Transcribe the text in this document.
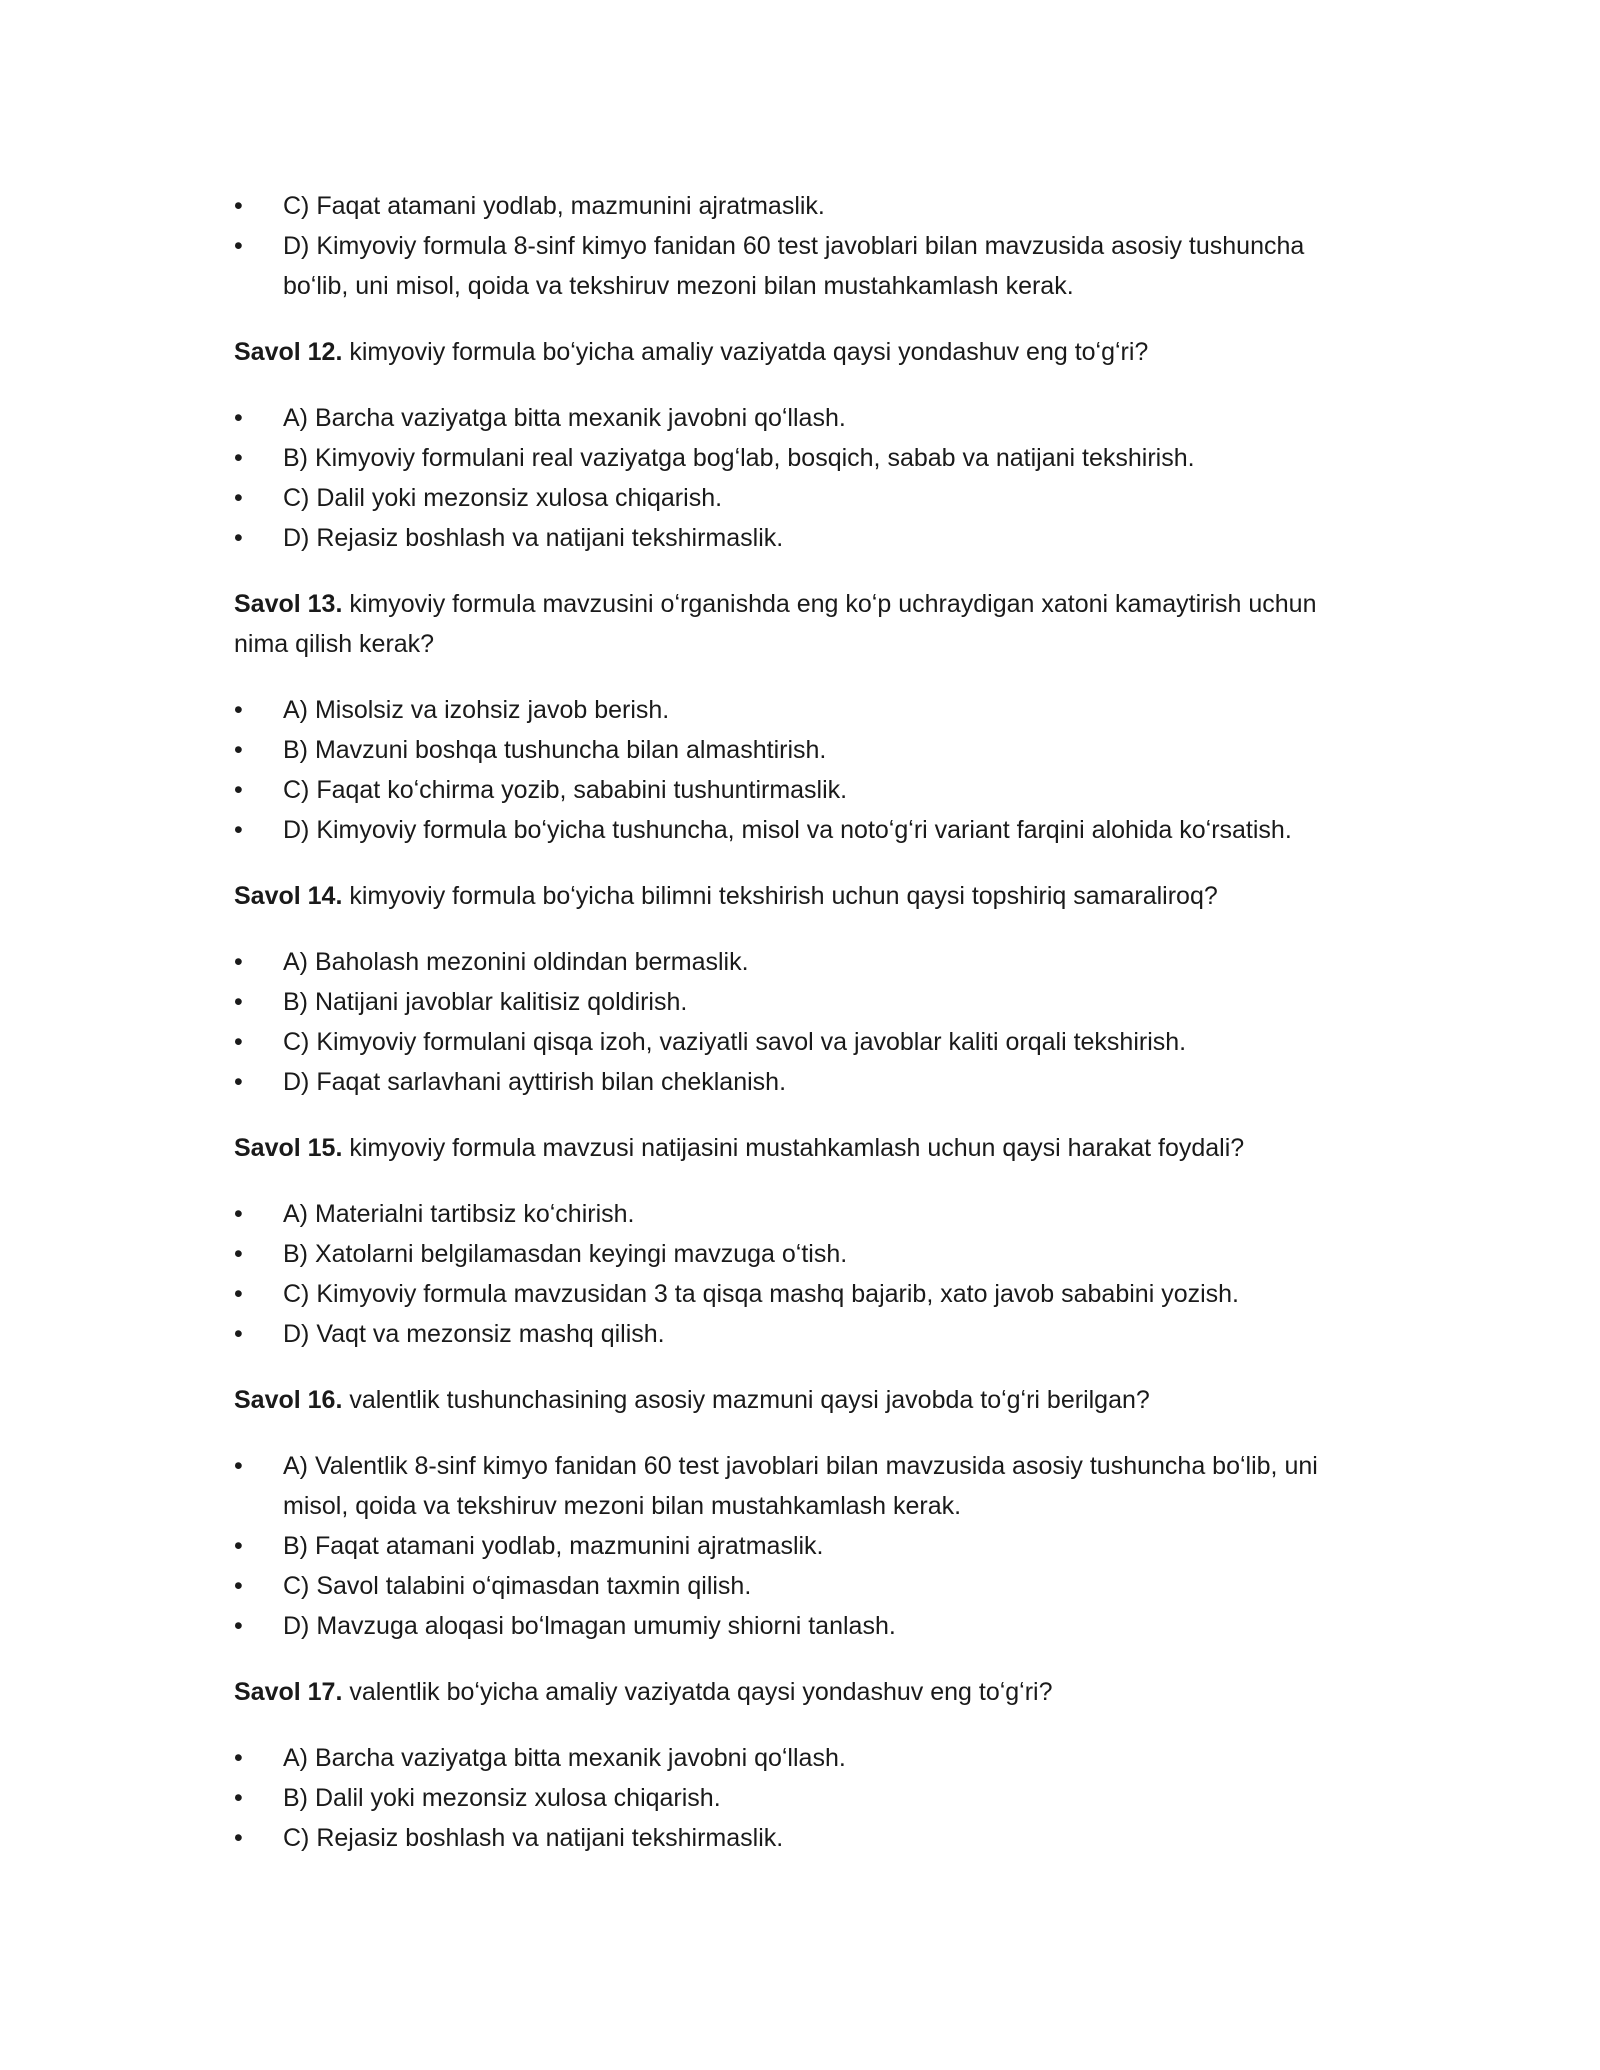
•	C) Faqat atamani yodlab, mazmunini ajratmaslik.
•	D) Kimyoviy formula 8-sinf kimyo fanidan 60 test javoblari bilan mavzusida asosiy tushuncha boʻlib, uni misol, qoida va tekshiruv mezoni bilan mustahkamlash kerak.

Savol 12. kimyoviy formula boʻyicha amaliy vaziyatda qaysi yondashuv eng toʻgʻri?

•	A) Barcha vaziyatga bitta mexanik javobni qoʻllash.
•	B) Kimyoviy formulani real vaziyatga bogʻlab, bosqich, sabab va natijani tekshirish.
•	C) Dalil yoki mezonsiz xulosa chiqarish.
•	D) Rejasiz boshlash va natijani tekshirmaslik.

Savol 13. kimyoviy formula mavzusini oʻrganishda eng koʻp uchraydigan xatoni kamaytirish uchun nima qilish kerak?

•	A) Misolsiz va izohsiz javob berish.
•	B) Mavzuni boshqa tushuncha bilan almashtirish.
•	C) Faqat koʻchirma yozib, sababini tushuntirmaslik.
•	D) Kimyoviy formula boʻyicha tushuncha, misol va notoʻgʻri variant farqini alohida koʻrsatish.

Savol 14. kimyoviy formula boʻyicha bilimni tekshirish uchun qaysi topshiriq samaraliroq?

•	A) Baholash mezonini oldindan bermaslik.
•	B) Natijani javoblar kalitisiz qoldirish.
•	C) Kimyoviy formulani qisqa izoh, vaziyatli savol va javoblar kaliti orqali tekshirish.
•	D) Faqat sarlavhani ayttirish bilan cheklanish.

Savol 15. kimyoviy formula mavzusi natijasini mustahkamlash uchun qaysi harakat foydali?

•	A) Materialni tartibsiz koʻchirish.
•	B) Xatolarni belgilamasdan keyingi mavzuga oʻtish.
•	C) Kimyoviy formula mavzusidan 3 ta qisqa mashq bajarib, xato javob sababini yozish.
•	D) Vaqt va mezonsiz mashq qilish.

Savol 16. valentlik tushunchasining asosiy mazmuni qaysi javobda toʻgʻri berilgan?

•	A) Valentlik 8-sinf kimyo fanidan 60 test javoblari bilan mavzusida asosiy tushuncha boʻlib, uni misol, qoida va tekshiruv mezoni bilan mustahkamlash kerak.
•	B) Faqat atamani yodlab, mazmunini ajratmaslik.
•	C) Savol talabini oʻqimasdan taxmin qilish.
•	D) Mavzuga aloqasi boʻlmagan umumiy shiorni tanlash.

Savol 17. valentlik boʻyicha amaliy vaziyatda qaysi yondashuv eng toʻgʻri?

•	A) Barcha vaziyatga bitta mexanik javobni qoʻllash.
•	B) Dalil yoki mezonsiz xulosa chiqarish.
•	C) Rejasiz boshlash va natijani tekshirmaslik.
